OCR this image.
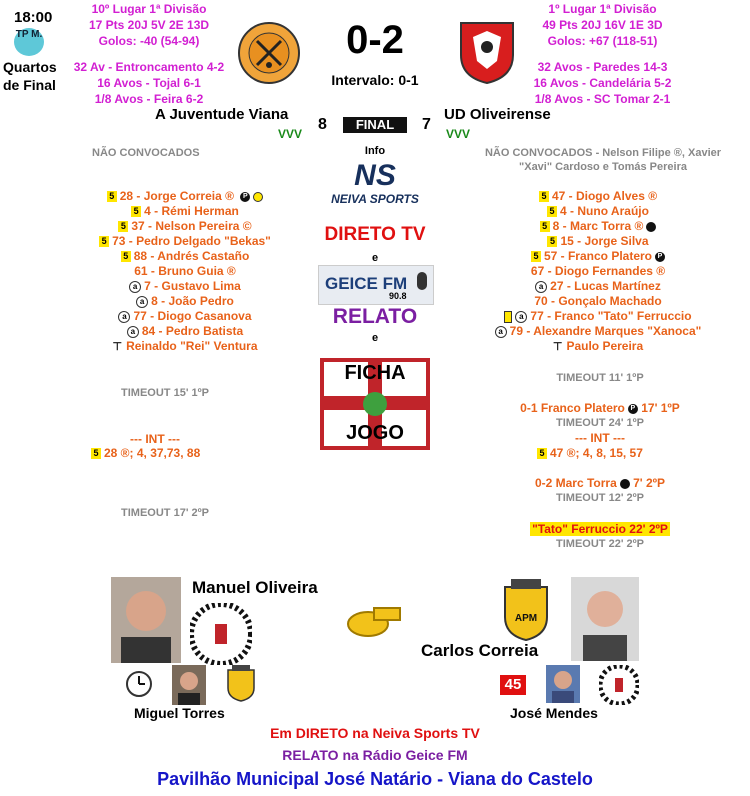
18:00
TP M.
Quartos de Final
10º Lugar 1ª Divisão
17 Pts 20J 5V 2E 13D
Golos: -40 (54-94)
32 Av - Entroncamento 4-2
16 Avos - Tojal 6-1
1/8 Avos - Feira 6-2
0-2
Intervalo: 0-1
1º Lugar 1ª Divisão
49 Pts 20J 16V 1E 3D
Golos: +67 (118-51)
32 Avos - Paredes 14-3
16 Avos - Candelária 5-2
1/8 Avos - SC Tomar 2-1
A Juventude Viana
8	FINAL	7
UD Oliveirense
VVV	VVV
NÃO CONVOCADOS
5 28 - Jorge Correia ® P
5 4 - Rémi Herman
5 37 - Nelson Pereira ©
5 73 - Pedro Delgado "Bekas"
5 88 - Andrés Castaño
61 - Bruno Guia ®
a 7 - Gustavo Lima
a 8 - João Pedro
a 77 - Diogo Casanova
a 84 - Pedro Batista
⊤ Reinaldo "Rei" Ventura
TIMEOUT 15' 1ºP
--- INT ---
5 28 ®; 4, 37,73, 88
TIMEOUT 17' 2ºP
Info
NS
NEIVA SPORTS
DIRETO TV
e
GEICE FM
90.8
RELATO
e
FICHA
JOGO
NÃO CONVOCADOS - Nelson Filipe ®, Xavier "Xavi" Cardoso e Tomás Pereira
5 47 - Diogo Alves ®
5 4 - Nuno Araújo
5 8 - Marc Torra ®
5 15 - Jorge Silva
5 57 - Franco Platero P
67 - Diogo Fernandes ®
a 27 - Lucas Martínez
70 - Gonçalo Machado
a 77 - Franco "Tato" Ferruccio
a 79 - Alexandre Marques "Xanoca"
⊤ Paulo Pereira
TIMEOUT 11' 1ºP
0-1 Franco Platero P 17' 1ºP
TIMEOUT 24' 1ºP
--- INT ---
5 47 ®; 4, 8, 15, 57
0-2 Marc Torra 7' 2ºP
TIMEOUT 12' 2ºP
"Tato" Ferruccio 22' 2ºP
TIMEOUT 22' 2ºP
Manuel Oliveira
APM
Carlos Correia
Miguel Torres
45
José Mendes
Em DIRETO na Neiva Sports TV
RELATO na Rádio Geice FM
Pavilhão Municipal José Natário - Viana do Castelo
